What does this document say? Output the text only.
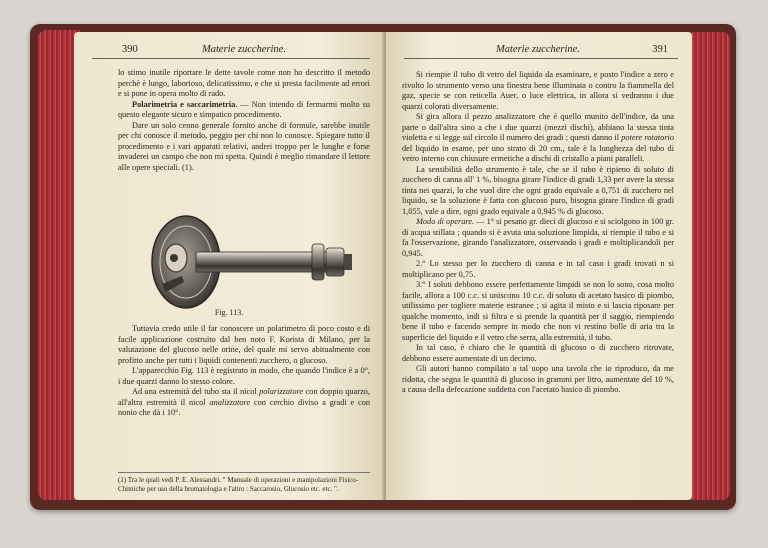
390	Materie zuccherine.

lo stimo inutile riportare le dette tavole come non ho descritto il metodo perchè è lungo, laborioso, delicatissimo, e che si presta facilmente ad errori e si pone in opera molto di rado.

Polarimetria e saccarimetria. — Non intendo di fermarmi molto su questo elegante sicuro e simpatico procedimento.

Dare un solo cenno generale fornito anche di formule, sarebbe inutile per chi conosce il metodo, peggio per chi non lo conosce. Spiegare tutto il procedimento e i vari apparati relativi, andrei troppo per le lunghe e forse invaderei un campo che non mi spetta. Quindi è meglio rimandare il lettore alle opere speciali. (1).

Fig. 113.

Tuttavia credo utile il far conoscere un polarimetro di poco costo e di facile applicazione costruito dal ben noto F. Korista di Milano, per la valutazione del glucoso nelle orine, del quale mi servo abitualmente con profitto anche per tutti i liquidi contenenti zucchero, o glucoso.

L'apparecchio Fig. 113 è registrato in modo, che quando l'indice è a 0°, i due quarzi danno lo stesso colore.

Ad una estremità del tubo sta il nicol polarizzatore con doppio quarzo, all'altra estremità il nicol analizzatore con cerchio diviso a gradi e con nonio che dà i 10°.

(1) Tra le quali vedi P. E. Alessandri. " Manuale di operazioni e manipolazioni Fisico-Chimiche per uso della bromatologia e l'altro : Saccarosio, Glucosio etc. etc. ".
Materie zuccherine.	391

Si riempie il tubo di vetro del liquido da esaminare, e posto l'indice a zero e rivolto lo strumento verso una finestra bene illuminata o contro la fiammella del gaz, specie se con reticella Auer, o luce elettrica, in allora si vedranno i due quarzi colorati diversamente.

Si gira allora il pezzo analizzatore che è quello munito dell'indice, da una parte o dall'altra sino a che i due quarzi (mezzi dischi), abbiano la stessa tinta violetta e si legge sul circolo il numero dei gradi ; questi danno il potere rotatorio del liquido in esame, per uno strato di 20 cm., tale è la lunghezza del tubo di vetro interno con chiusure ermetiche a dischi di cristallo a piani paralleli.

La sensibilità dello strumento è tale, che se il tubo è ripieno di soluto di zucchero di canna all' 1 %, bisogna girare l'indice di gradi 1,33 per avere la stessa tinta nei quarzi, lo che vuol dire che ogni grado equivale a 0,751 di zucchero nel liquido, se la soluzione è fatta con glucoso puro, bisogna girare l'indice di gradi 1,055, vale a dire, ogni grado equivale a 0,945 % di glucoso.

Modo di operare. — 1° si pesano gr. dieci di glucoso e si sciolgono in 100 gr. di acqua stillata ; quando si è avuta una soluzione limpida, si riempie il tubo e si fa l'osservazione, girando l'analizzatore, osservando i gradi e moltiplicandoli per 0,945.

2.° Lo stesso per lo zucchero di canna e in tal caso i gradi trovati n si moltiplicano per 0,75.

3.° I soluti debbono essere perfettamente limpidi se non lo sono, cosa molto facile, allora a 100 c.c. si uniscono 10 c.c. di soluto di acetato basico di piombo, utilissimo per togliere materie estranee ; si agita il misto e si lascia riposare per qualche momento, indi si filtra e si prende la quantità per il saggio, riempiendo bene il tubo e facendo sempre in modo che non vi restino bolle di aria tra la superficie del liquido e il vetro che serra, alla estremità, il tubo.

In tal caso, è chiaro che le quantità di glucoso o di zucchero ritrovate, debbono essere aumentate di un decimo.

Gli autori hanno compilato a tal uopo una tavola che io riproduco, da me ridotta, che segna le quantità di glucoso in grammi per litro, aumentate del 10 %, a causa della defecazione suddetta con l'acetato basico di piombo.
